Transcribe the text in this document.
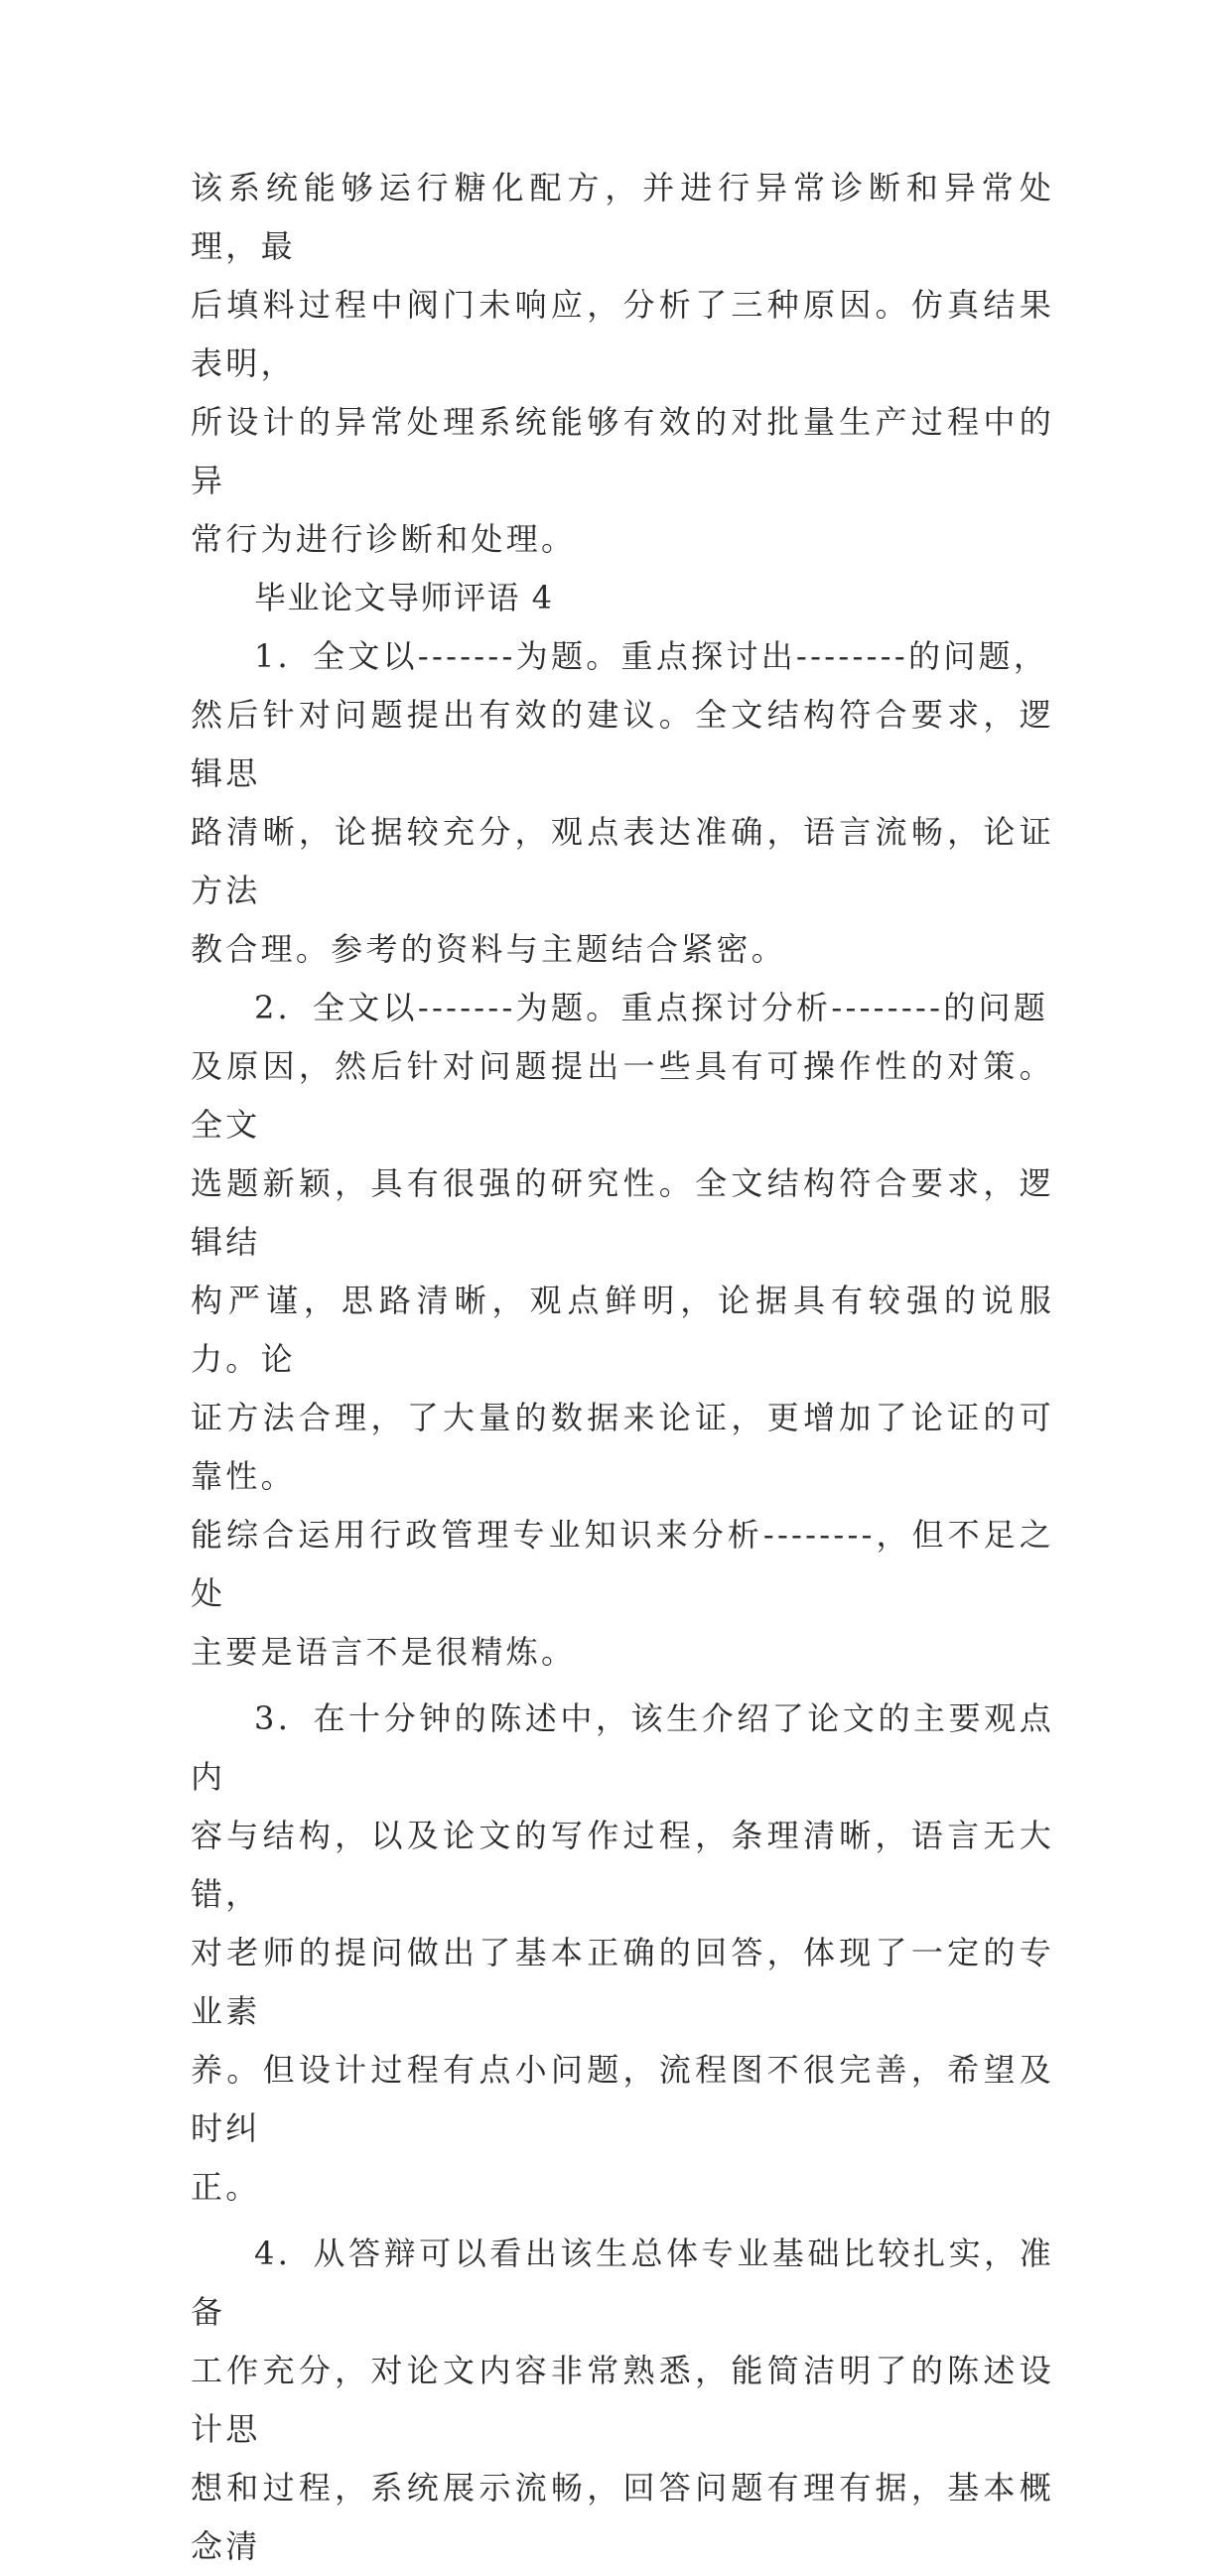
该系统能够运行糖化配方，并进行异常诊断和异常处理，最
后填料过程中阀门未响应，分析了三种原因。仿真结果表明，
所设计的异常处理系统能够有效的对批量生产过程中的异
常行为进行诊断和处理。
毕业论文导师评语 4
1．全文以-------为题。重点探讨出--------的问题，
然后针对问题提出有效的建议。全文结构符合要求，逻辑思
路清晰，论据较充分，观点表达准确，语言流畅，论证方法
教合理。参考的资料与主题结合紧密。
2．全文以-------为题。重点探讨分析--------的问题
及原因，然后针对问题提出一些具有可操作性的对策。全文
选题新颖，具有很强的研究性。全文结构符合要求，逻辑结
构严谨，思路清晰，观点鲜明，论据具有较强的说服力。论
证方法合理，了大量的数据来论证，更增加了论证的可靠性。
能综合运用行政管理专业知识来分析--------，但不足之处
主要是语言不是很精炼。
3．在十分钟的陈述中，该生介绍了论文的主要观点内
容与结构，以及论文的写作过程，条理清晰，语言无大错，
对老师的提问做出了基本正确的回答，体现了一定的专业素
养。但设计过程有点小问题，流程图不很完善，希望及时纠
正。
4．从答辩可以看出该生总体专业基础比较扎实，准备
工作充分，对论文内容非常熟悉，能简洁明了的陈述设计思
想和过程，系统展示流畅，回答问题有理有据，基本概念清
